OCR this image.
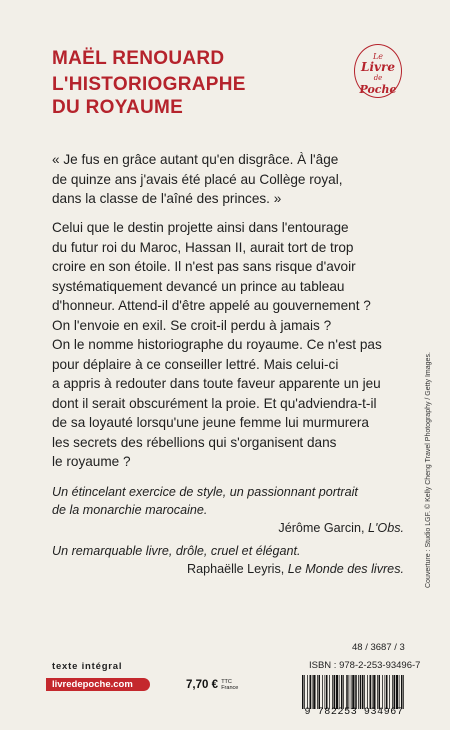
MAËL RENOUARD
L'HISTORIOGRAPHE
DU ROYAUME
Le
Livre
de
Poche

« Je fus en grâce autant qu'en disgrâce. À l'âge
de quinze ans j'avais été placé au Collège royal,
dans la classe de l'aîné des princes. »

Celui que le destin projette ainsi dans l'entourage
du futur roi du Maroc, Hassan II, aurait tort de trop
croire en son étoile. Il n'est pas sans risque d'avoir
systématiquement devancé un prince au tableau
d'honneur. Attend-il d'être appelé au gouvernement ?
On l'envoie en exil. Se croit-il perdu à jamais ?
On le nomme historiographe du royaume. Ce n'est pas
pour déplaire à ce conseiller lettré. Mais celui-ci
a appris à redouter dans toute faveur apparente un jeu
dont il serait obscurément la proie. Et qu'adviendra-t-il
de sa loyauté lorsqu'une jeune femme lui murmurera
les secrets des rébellions qui s'organisent dans
le royaume ?

Un étincelant exercice de style, un passionnant portrait
de la monarchie marocaine.
Jérôme Garcin, L'Obs.
Un remarquable livre, drôle, cruel et élégant.
Raphaëlle Leyris, Le Monde des livres.	Couverture : Studio LGF. © Kelly Cheng Travel Photography / Getty Images.
48 / 3687 / 3
ISBN : 978-2-253-93496-7
texte intégral
livredepoche.com	7,70 € TTC
France
9 782253 934967
